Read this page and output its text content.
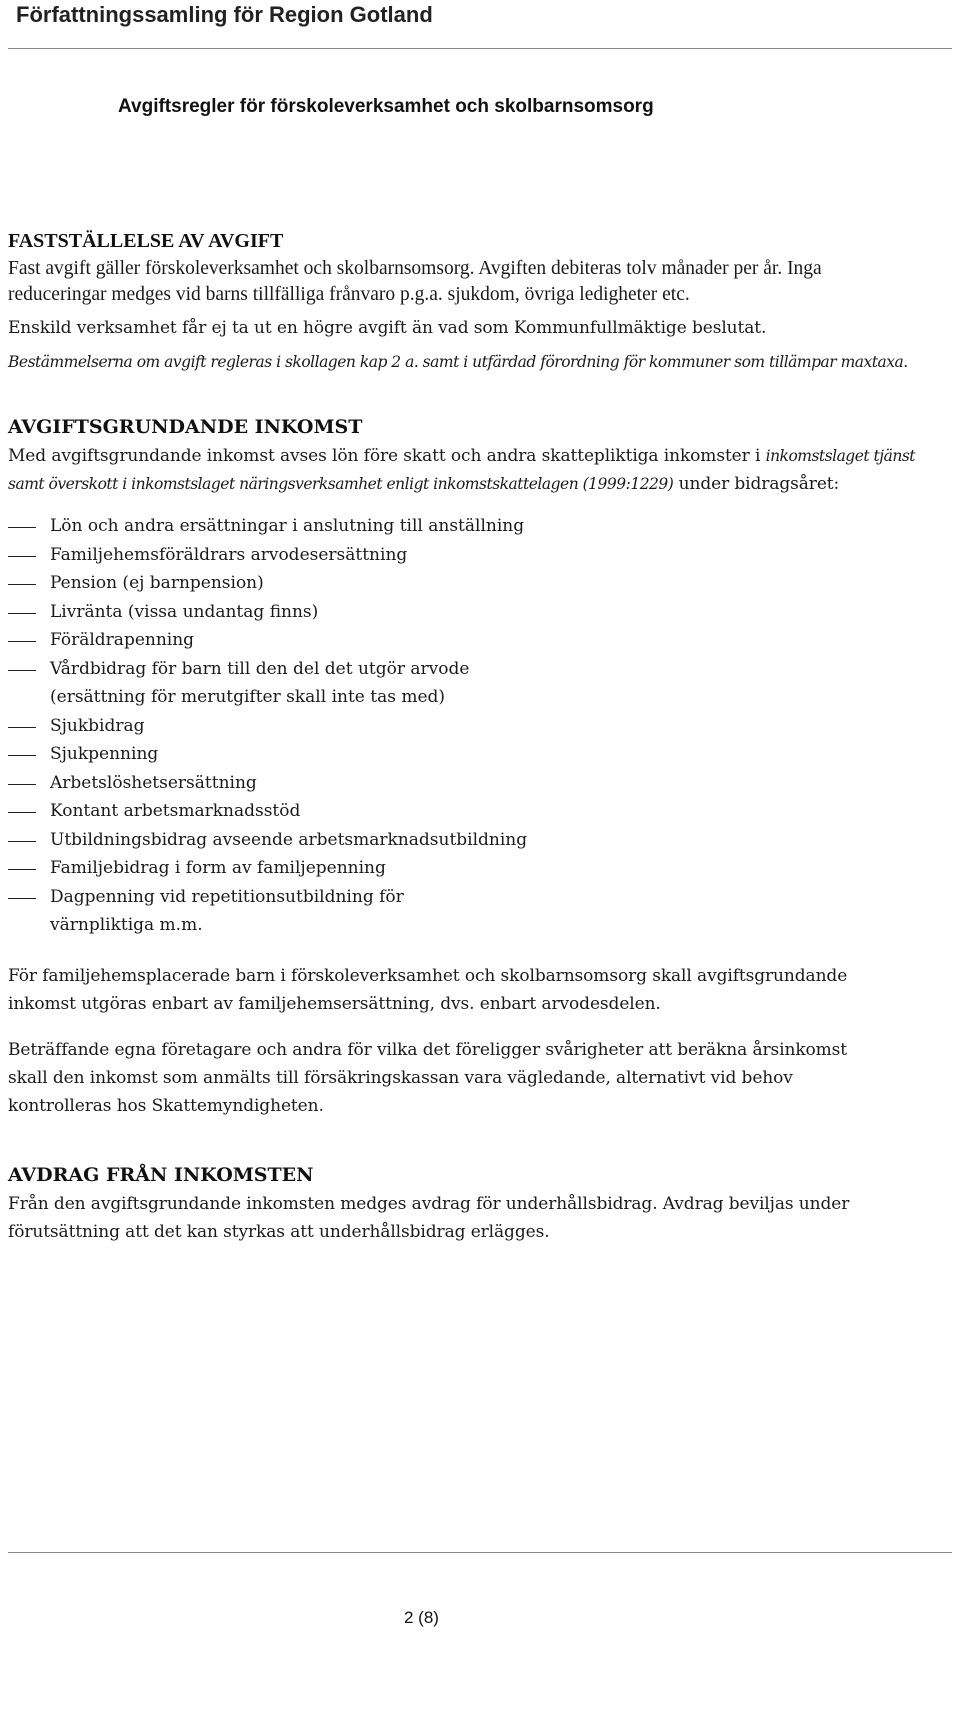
Författningssamling för Region Gotland
Avgiftsregler för förskoleverksamhet och skolbarnsomsorg
FASTSTÄLLELSE AV AVGIFT

Fast avgift gäller förskoleverksamhet och skolbarnsomsorg. Avgiften debiteras tolv månader per år. Inga reduceringar medges vid barns tillfälliga frånvaro p.g.a. sjukdom, övriga ledigheter etc.

Enskild verksamhet får ej ta ut en högre avgift än vad som Kommunfullmäktige beslutat.

Bestämmelserna om avgift regleras i skollagen kap 2 a. samt i utfärdad förordning för kommuner som tillämpar maxtaxa.

AVGIFTSGRUNDANDE INKOMST

Med avgiftsgrundande inkomst avses lön före skatt och andra skattepliktiga inkomster i inkomstslaget tjänst samt överskott i inkomstslaget näringsverksamhet enligt inkomstskattelagen (1999:1229) under bidragsåret:

Lön och andra ersättningar i anslutning till anställning
Familjehemsföräldrars arvodesersättning
Pension (ej barnpension)
Livränta (vissa undantag finns)
Föräldrapenning
Vårdbidrag för barn till den del det utgör arvode (ersättning för merutgifter skall inte tas med)
Sjukbidrag
Sjukpenning
Arbetslöshetsersättning
Kontant arbetsmarknadsstöd
Utbildningsbidrag avseende arbetsmarknadsutbildning
Familjebidrag i form av familjepenning
Dagpenning vid repetitionsutbildning för värnpliktiga m.m.

För familjehemsplacerade barn i förskoleverksamhet och skolbarnsomsorg skall avgiftsgrundande inkomst utgöras enbart av familjehemsersättning, dvs. enbart arvodesdelen.

Beträffande egna företagare och andra för vilka det föreligger svårigheter att beräkna årsinkomst skall den inkomst som anmälts till försäkringskassan vara vägledande, alternativt vid behov kontrolleras hos Skattemyndigheten.

AVDRAG FRÅN INKOMSTEN

Från den avgiftsgrundande inkomsten medges avdrag för underhållsbidrag. Avdrag beviljas under förutsättning att det kan styrkas att underhållsbidrag erlägges.

2 (8)
